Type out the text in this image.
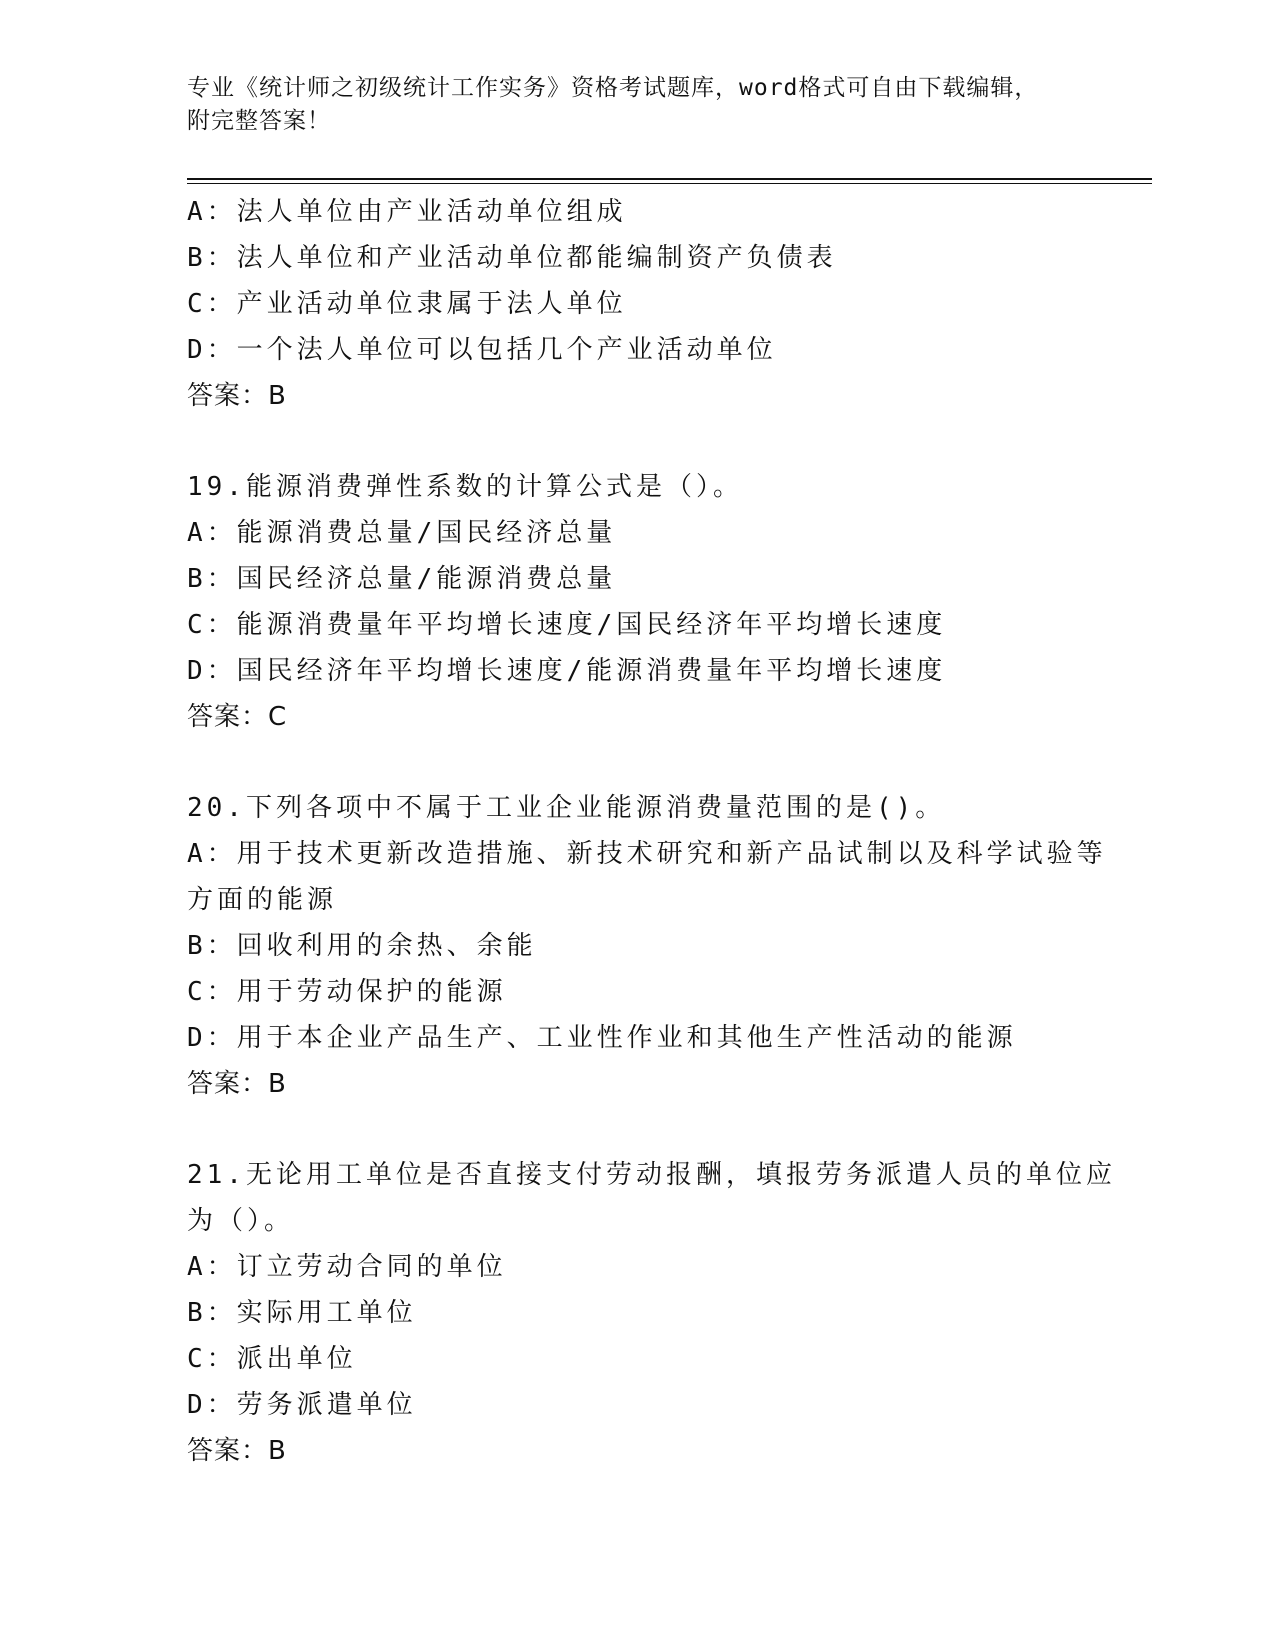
专业《统计师之初级统计工作实务》资格考试题库，word格式可自由下载编辑，
附完整答案！
A：法人单位由产业活动单位组成
B：法人单位和产业活动单位都能编制资产负债表
C：产业活动单位隶属于法人单位
D：一个法人单位可以包括几个产业活动单位
答案：B
19.能源消费弹性系数的计算公式是（）。
A：能源消费总量/国民经济总量
B：国民经济总量/能源消费总量
C：能源消费量年平均增长速度/国民经济年平均增长速度
D：国民经济年平均增长速度/能源消费量年平均增长速度
答案：C
20.下列各项中不属于工业企业能源消费量范围的是()。
A：用于技术更新改造措施、新技术研究和新产品试制以及科学试验等
方面的能源
B：回收利用的余热、余能
C：用于劳动保护的能源
D：用于本企业产品生产、工业性作业和其他生产性活动的能源
答案：B
21.无论用工单位是否直接支付劳动报酬，填报劳务派遣人员的单位应
为（）。
A：订立劳动合同的单位
B：实际用工单位
C：派出单位
D：劳务派遣单位
答案：B
